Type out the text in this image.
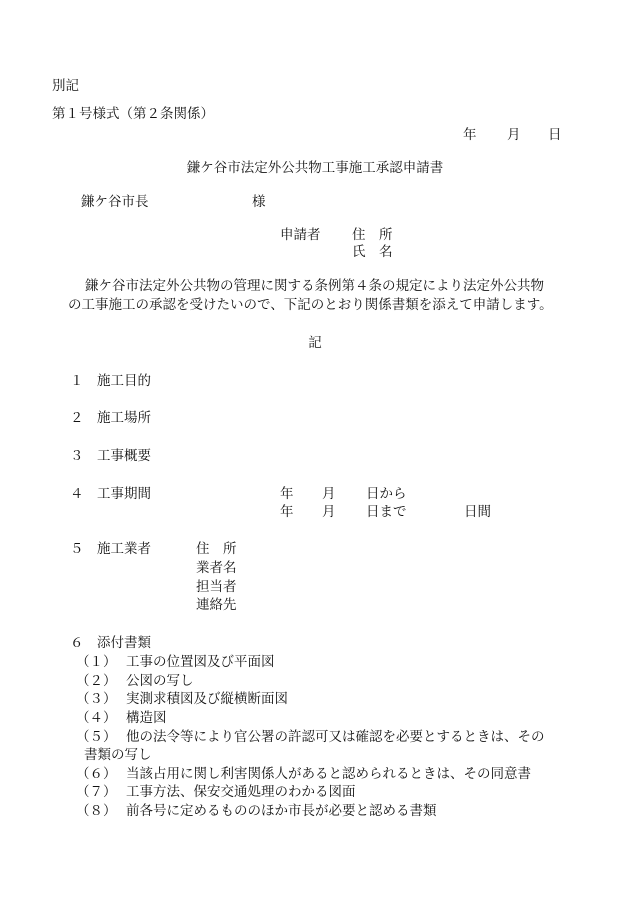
別記
第１号様式（第２条関係）
年 月 日
鎌ケ谷市法定外公共物工事施工承認申請書
鎌ケ谷市長	様
申請者 住　所
氏　名
鎌ケ谷市法定外公共物の管理に関する条例第４条の規定により法定外公共物
の工事施工の承認を受けたいので、下記のとおり関係書類を添えて申請します。
記
１　施工目的
２　施工場所
３　工事概要
４　工事期間	年 月 日から
年 月 日まで	日間
５　施工業者	住　所
業者名
担当者
連絡先
６　添付書類
（１） 工事の位置図及び平面図
（２） 公図の写し
（３） 実測求積図及び縦横断面図
（４） 構造図
（５） 他の法令等により官公署の許認可又は確認を必要とするときは、その
書類の写し
（６） 当該占用に関し利害関係人があると認められるときは、その同意書
（７） 工事方法、保安交通処理のわかる図面
（８） 前各号に定めるもののほか市長が必要と認める書類
